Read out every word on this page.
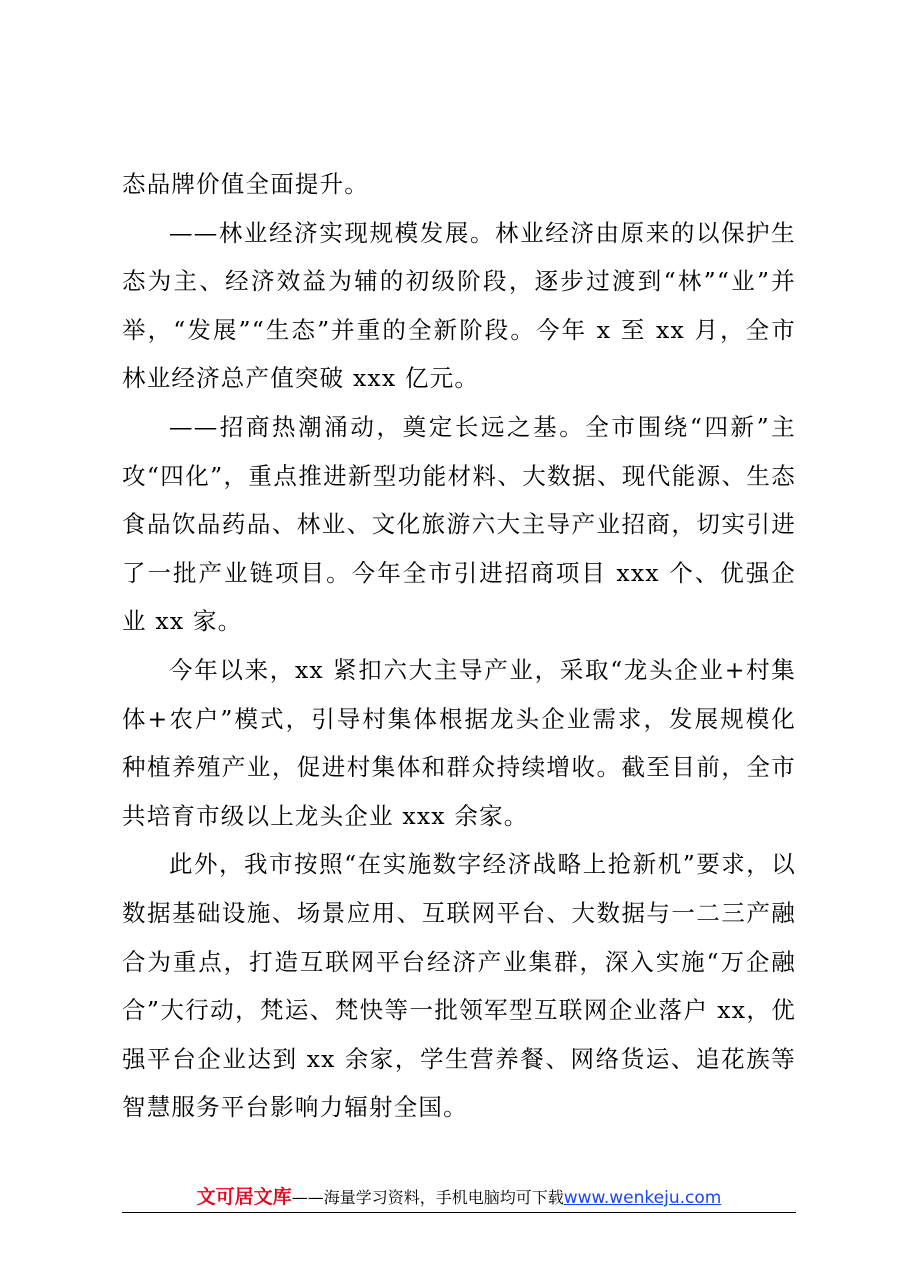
态品牌价值全面提升。

——林业经济实现规模发展。林业经济由原来的以保护生态为主、经济效益为辅的初级阶段，逐步过渡到“林”“业”并举，“发展”“生态”并重的全新阶段。今年 x 至 xx 月，全市林业经济总产值突破 xxx 亿元。

——招商热潮涌动，奠定长远之基。全市围绕“四新”主攻“四化”，重点推进新型功能材料、大数据、现代能源、生态食品饮品药品、林业、文化旅游六大主导产业招商，切实引进了一批产业链项目。今年全市引进招商项目 xxx 个、优强企业 xx 家。

今年以来，xx 紧扣六大主导产业，采取“龙头企业+村集体+农户”模式，引导村集体根据龙头企业需求，发展规模化种植养殖产业，促进村集体和群众持续增收。截至目前，全市共培育市级以上龙头企业 xxx 余家。

此外，我市按照“在实施数字经济战略上抢新机”要求，以数据基础设施、场景应用、互联网平台、大数据与一二三产融合为重点，打造互联网平台经济产业集群，深入实施“万企融合”大行动，梵运、梵快等一批领军型互联网企业落户 xx，优强平台企业达到 xx 余家，学生营养餐、网络货运、追花族等智慧服务平台影响力辐射全国。

文可居文库——海量学习资料，手机电脑均可下载www.wenkeju.com
